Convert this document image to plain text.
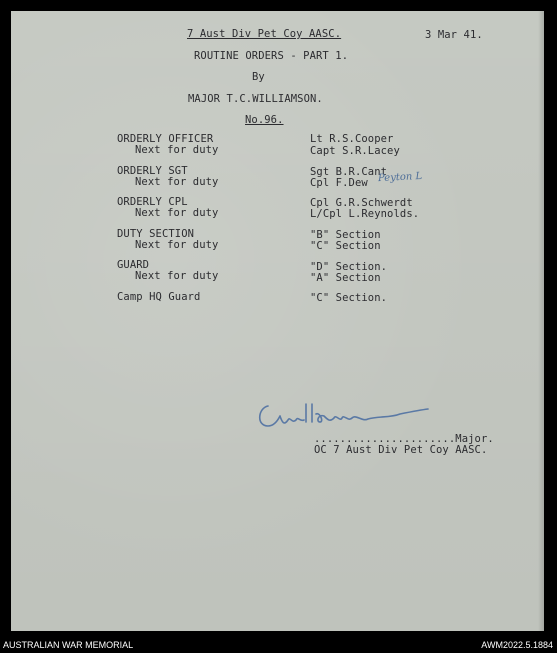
7 Aust Div Pet Coy AASC.	3 Mar 41.
ROUTINE ORDERS - PART 1.
By
MAJOR T.C.WILLIAMSON.
No.96.
ORDERLY OFFICER	Lt R.S.Cooper
Next for duty	Capt S.R.Lacey
ORDERLY SGT	Sgt B.R.Cant
Next for duty	Cpl F.Dew Peyton L
ORDERLY CPL	Cpl G.R.Schwerdt
Next for duty	L/Cpl L.Reynolds.
DUTY SECTION	"B" Section
Next for duty	"C" Section
GUARD	"D" Section.
Next for duty	"A" Section
Camp HQ Guard	"C" Section.
......................Major.
OC 7 Aust Div Pet Coy AASC.
AUSTRALIAN WAR MEMORIAL	AWM2022.5.1884
